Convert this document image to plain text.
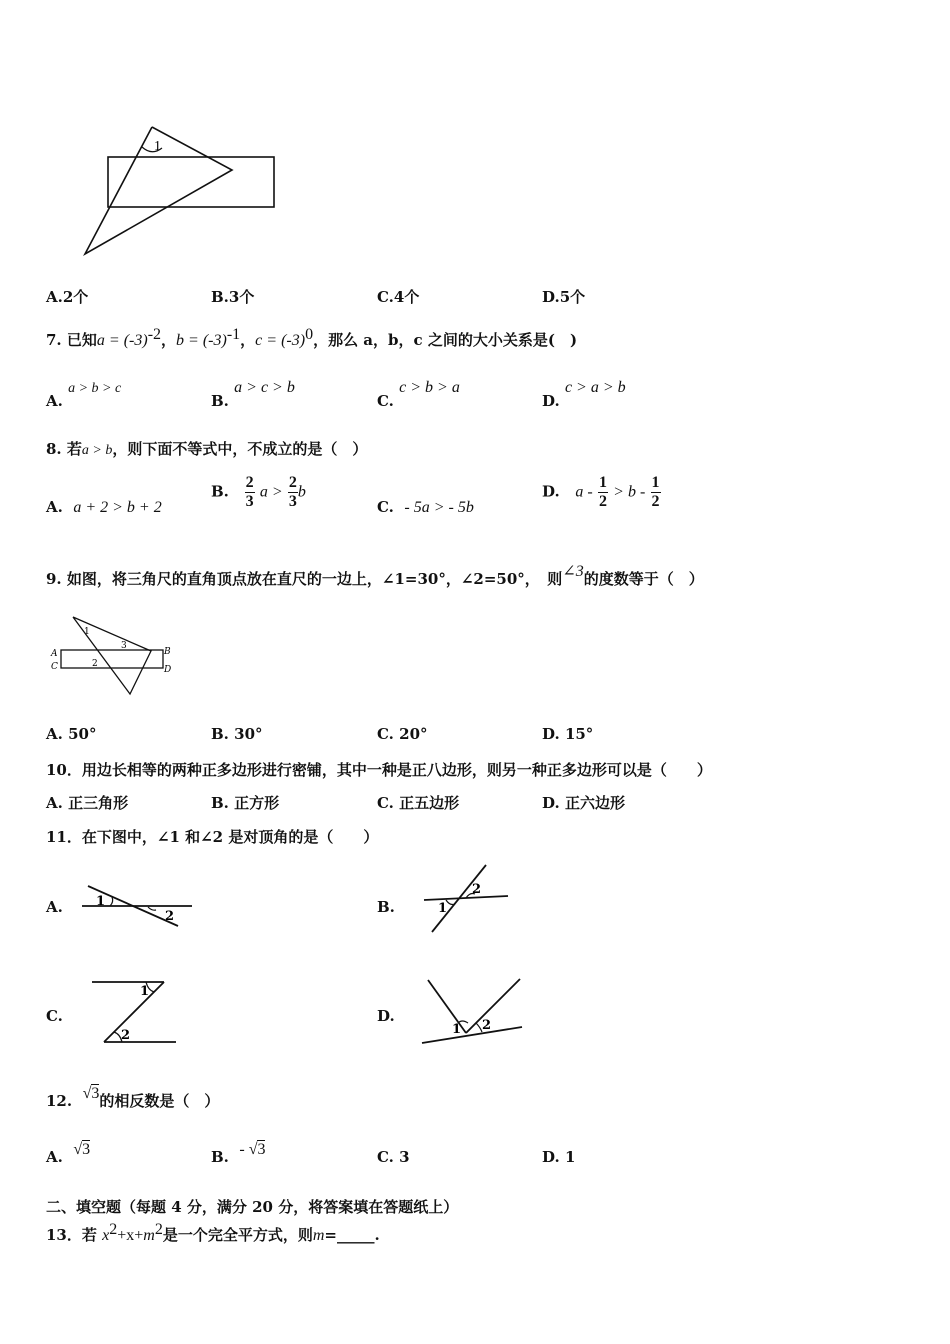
1
A.2个	B.3个	C.4个	D.5个
7. 已知$a = (-3)^{-2}$，$b = (-3)^{-1}$，$c = (-3)^0$，那么 a，b，c 之间的大小关系是(　)
A. a > b > c
B. a > c > b
C. c > b > a
D. c > a > b
8. 若a > b，则下面不等式中，不成立的是（　）
A. a + 2 > b + 2
B. $\frac{2}{3}$ $a > \frac{2}{3}$ b
C. - 5a > - 5b
D. $a - \frac{1}{2} > b - \frac{1}{2}$
9. 如图，将三角尺的直角顶点放在直尺的一边上，∠1=30°，∠2=50°，　则∠3的度数等于（　）
A
C
B
D
1
2
3
A. 50°	B. 30°	C. 20°	D. 15°
10．用边长相等的两种正多边形进行密铺，其中一种是正八边形，则另一种正多边形可以是（　　）
A. 正三角形	B. 正方形	C. 正五边形	D. 正六边形
11．在下图中，∠1 和∠2 是对顶角的是（　　）
A.	1
2
B.
2
1
C.
1
2
D.
1 2
12. √3的相反数是（　）
A. √3	B. - √3	C. 3	D. 1
二、填空题（每题 4 分，满分 20 分，将答案填在答题纸上）
13．若 $x^2+x+m^2$是一个完全平方式，则m=_____.
